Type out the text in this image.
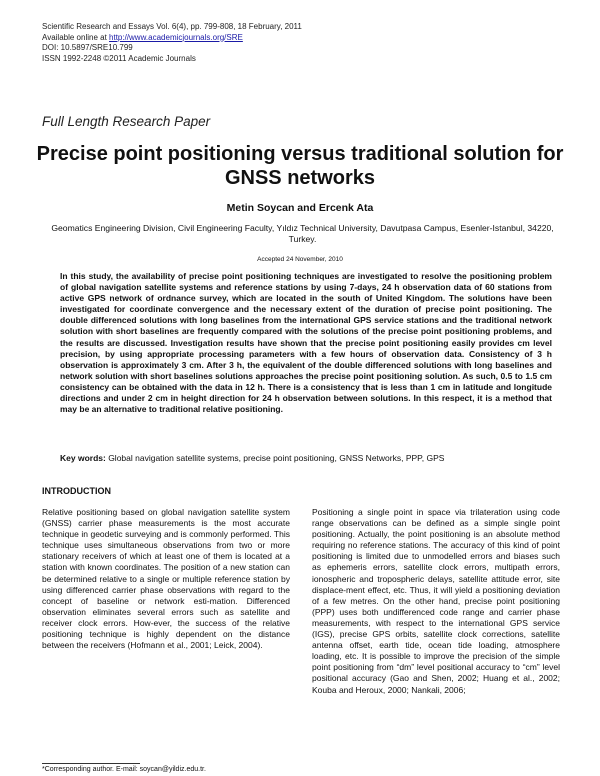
Scientific Research and Essays Vol. 6(4), pp. 799-808, 18 February, 2011
Available online at http://www.academicjournals.org/SRE
DOI: 10.5897/SRE10.799
ISSN 1992-2248 ©2011 Academic Journals
Full Length Research Paper
Precise point positioning versus traditional solution for GNSS networks
Metin Soycan and Ercenk Ata
Geomatics Engineering Division, Civil Engineering Faculty, Yıldız Technical University, Davutpasa Campus, Esenler-Istanbul, 34220, Turkey.
Accepted 24 November, 2010
In this study, the availability of precise point positioning techniques are investigated to resolve the positioning problem of global navigation satellite systems and reference stations by using 7-days, 24 h observation data of 60 stations from active GPS network of ordnance survey, which are located in the south of United Kingdom. The solutions have been investigated for coordinate convergence and the necessary extent of the duration of precise point positioning. The double differenced solutions with long baselines from the international GPS service stations and the traditional network solution with short baselines are frequently compared with the solutions of the precise point positioning problems, and the results are discussed. Investigation results have shown that the precise point positioning easily provides cm level precision, by using appropriate processing parameters with a few hours of observation data. Consistency of 3 h observation is approximately 3 cm. After 3 h, the equivalent of the double differenced solutions with long baselines and network solution with short baselines solutions approaches the precise point positioning solution. As such, 0.5 to 1.5 cm consistency can be obtained with the data in 12 h. There is a consistency that is less than 1 cm in latitude and longitude directions and under 2 cm in height direction for 24 h observation between solutions. In this respect, it is a method that may be an alternative to traditional relative positioning.
Key words: Global navigation satellite systems, precise point positioning, GNSS Networks, PPP, GPS
INTRODUCTION
Relative positioning based on global navigation satellite system (GNSS) carrier phase measurements is the most accurate technique in geodetic surveying and is commonly performed. This technique uses simultaneous observations from two or more stationary receivers of which at least one of them is located at a station with known coordinates. The position of a new station can be determined relative to a single or multiple reference station by using differenced carrier phase observations with regard to the concept of baseline or network esti-mation. Differenced observation eliminates several errors such as satellite and receiver clock errors. How-ever, the success of the relative positioning technique is highly dependent on the distance between the receivers (Hofmann et al., 2001; Leick, 2004).
Positioning a single point in space via trilateration using code range observations can be defined as a simple single point positioning. Actually, the point positioning is an absolute method requiring no reference stations. The accuracy of this kind of point positioning is limited due to unmodelled errors and biases such as ephemeris errors, satellite clock errors, multipath errors, ionospheric and tropospheric delays, satellite attitude error, site displace-ment effect, etc. Thus, it will yield a positioning deviation of a few metres. On the other hand, precise point positioning (PPP) uses both undifferenced code range and carrier phase measurements, with respect to the international GPS service (IGS), precise GPS orbits, satellite clock corrections, satellite antenna offset, earth tide, ocean tide loading, atmosphere loading, etc. It is possible to improve the precision of the simple point positioning from “dm” level positional accuracy to “cm” level positional accuracy (Gao and Shen, 2002; Huang et al., 2002; Kouba and Heroux, 2000; Nankali, 2006;
*Corresponding author. E-mail: soycan@yildiz.edu.tr.
